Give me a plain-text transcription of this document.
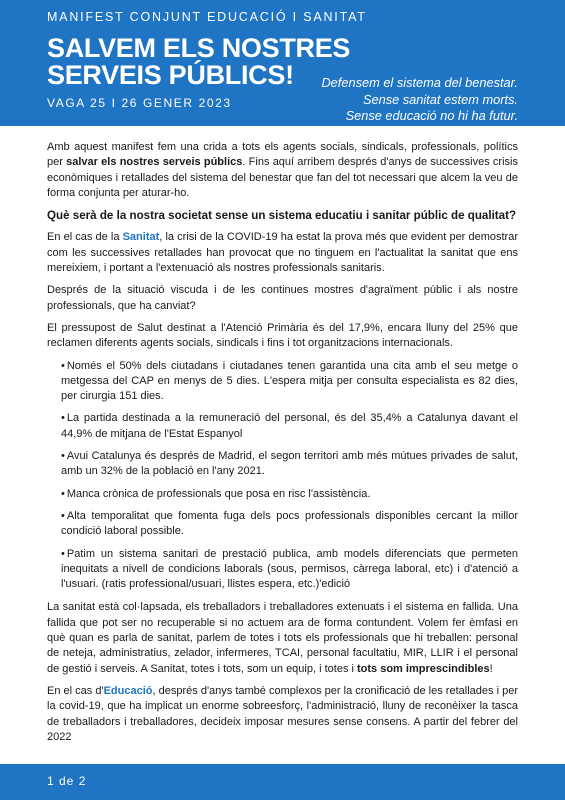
MANIFEST CONJUNT EDUCACIÓ I SANITAT
SALVEM ELS NOSTRES
SERVEIS PÚBLICS!
VAGA 25 I 26 GENER 2023
Defensem el sistema del benestar.
Sense sanitat estem morts.
Sense educació no hi ha futur.

Amb aquest manifest fem una crida a tots els agents socials, sindicals, professionals, polítics per salvar els nostres serveis públics. Fins aquí arribem després d'anys de successives crisis econòmiques i retallades del sistema del benestar que fan del tot necessari que alcem la veu de forma conjunta per aturar-ho.

Què serà de la nostra societat sense un sistema educatiu i sanitar públic de qualitat?

En el cas de la Sanitat, la crisi de la COVID-19 ha estat la prova més que evident per demostrar com les successives retallades han provocat que no tinguem en l'actualitat la sanitat que ens mereixiem, i portant a l'extenuació als nostres professionals sanitaris.

Després de la situació viscuda i de les continues mostres d'agraïment públic i als nostre professionals, que ha canviat?

El pressupost de Salut destinat a l'Atenció Primària és del 17,9%, encara lluny del 25% que reclamen diferents agents socials, sindicals i fins i tot organitzacions internacionals.

• Només el 50% dels ciutadans i ciutadanes tenen garantida una cita amb el seu metge o metgessa del CAP en menys de 5 dies. L'espera mitja per consulta especialista es 82 dies, per cirurgia 151 dies.
• La partida destinada a la remuneració del personal, és del 35,4% a Catalunya davant el 44,9% de mitjana de l'Estat Espanyol
• Avui Catalunya és després de Madrid, el segon territori amb més mútues privades de salut, amb un 32% de la població en l'any 2021.
• Manca crònica de professionals que posa en risc l'assistència.
• Alta temporalitat que fomenta fuga dels pocs professionals disponibles cercant la millor condició laboral possible.
• Patim un sistema sanitari de prestació publica, amb models diferenciats que permeten inequitats a nivell de condicions laborals (sous, permisos, càrrega laboral, etc) i d'atenció a l'usuari. (ratis professional/usuari, llistes espera, etc.)'edició

La sanitat està col·lapsada, els treballadors i treballadores extenuats i el sistema en fallida. Una fallida que pot ser no recuperable si no actuem ara de forma contundent. Volem fer èmfasi en què quan es parla de sanitat, parlem de totes i tots els professionals que hi treballen: personal de neteja, administratius, zelador, infermeres, TCAI, personal facultatiu, MIR, LLIR i el personal de gestió i serveis. A Sanitat, totes i tots, som un equip, i totes i tots som imprescindibles!

En el cas d'Educació, després d'anys també complexos per la cronificació de les retallades i per la covid-19, que ha implicat un enorme sobreesforç, l'administració, lluny de reconèixer la tasca de treballadors i treballadores, decideix imposar mesures sense consens. A partir del febrer del 2022

1 de 2
